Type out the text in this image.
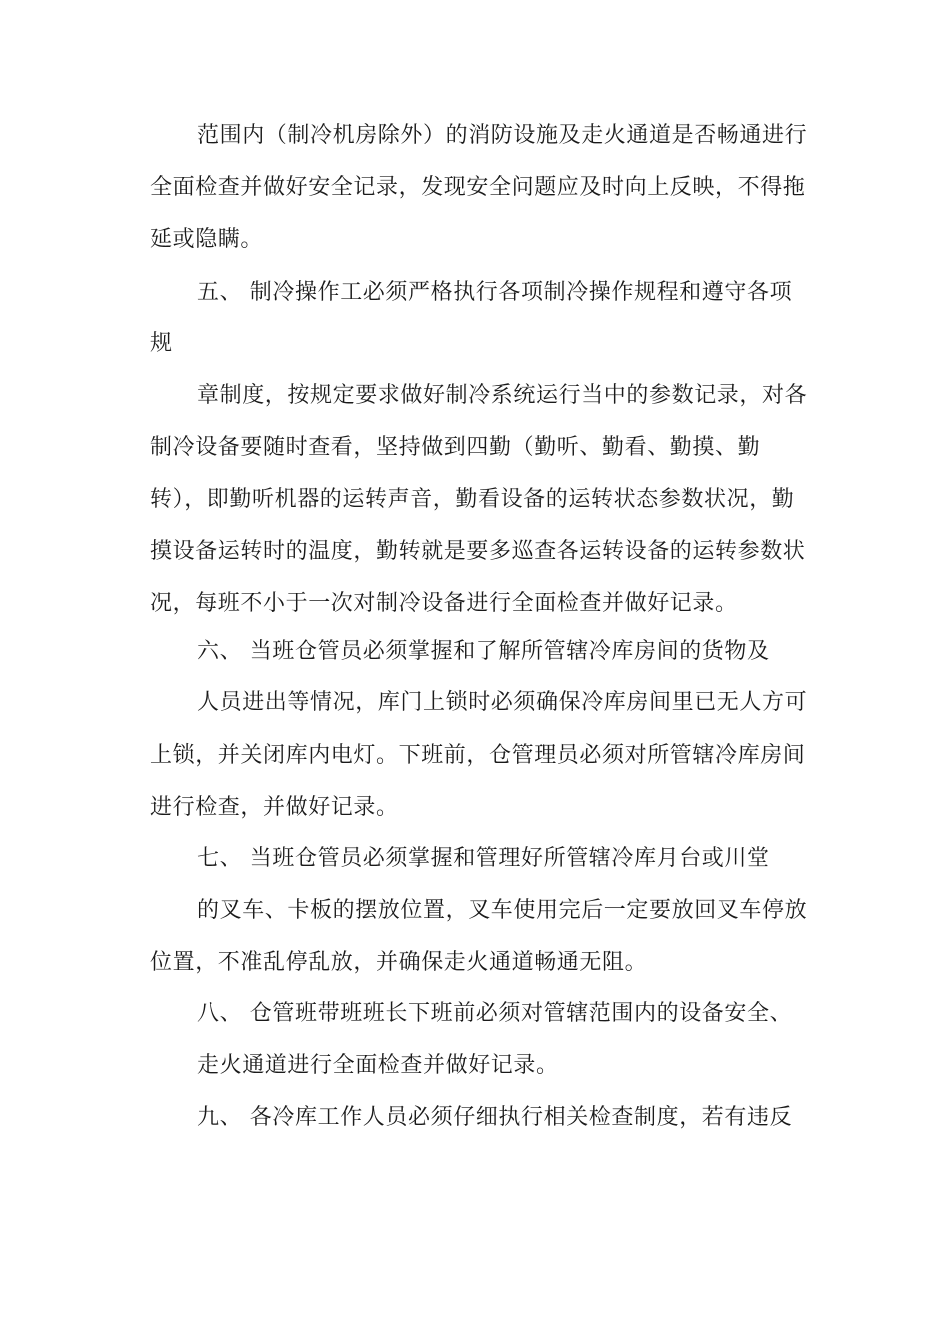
范围内（制冷机房除外）的消防设施及走火通道是否畅通进行
全面检查并做好安全记录，发现安全问题应及时向上反映，不得拖
延或隐瞒。
五、 制冷操作工必须严格执行各项制冷操作规程和遵守各项
规
章制度，按规定要求做好制冷系统运行当中的参数记录，对各
制冷设备要随时查看，坚持做到四勤（勤听、勤看、勤摸、勤
转），即勤听机器的运转声音，勤看设备的运转状态参数状况，勤
摸设备运转时的温度，勤转就是要多巡查各运转设备的运转参数状
况，每班不小于一次对制冷设备进行全面检查并做好记录。
六、 当班仓管员必须掌握和了解所管辖冷库房间的货物及
人员进出等情况，库门上锁时必须确保冷库房间里已无人方可
上锁，并关闭库内电灯。下班前，仓管理员必须对所管辖冷库房间
进行检查，并做好记录。
七、 当班仓管员必须掌握和管理好所管辖冷库月台或川堂
的叉车、卡板的摆放位置，叉车使用完后一定要放回叉车停放
位置，不准乱停乱放，并确保走火通道畅通无阻。
八、 仓管班带班班长下班前必须对管辖范围内的设备安全、
走火通道进行全面检查并做好记录。
九、 各冷库工作人员必须仔细执行相关检查制度，若有违反
